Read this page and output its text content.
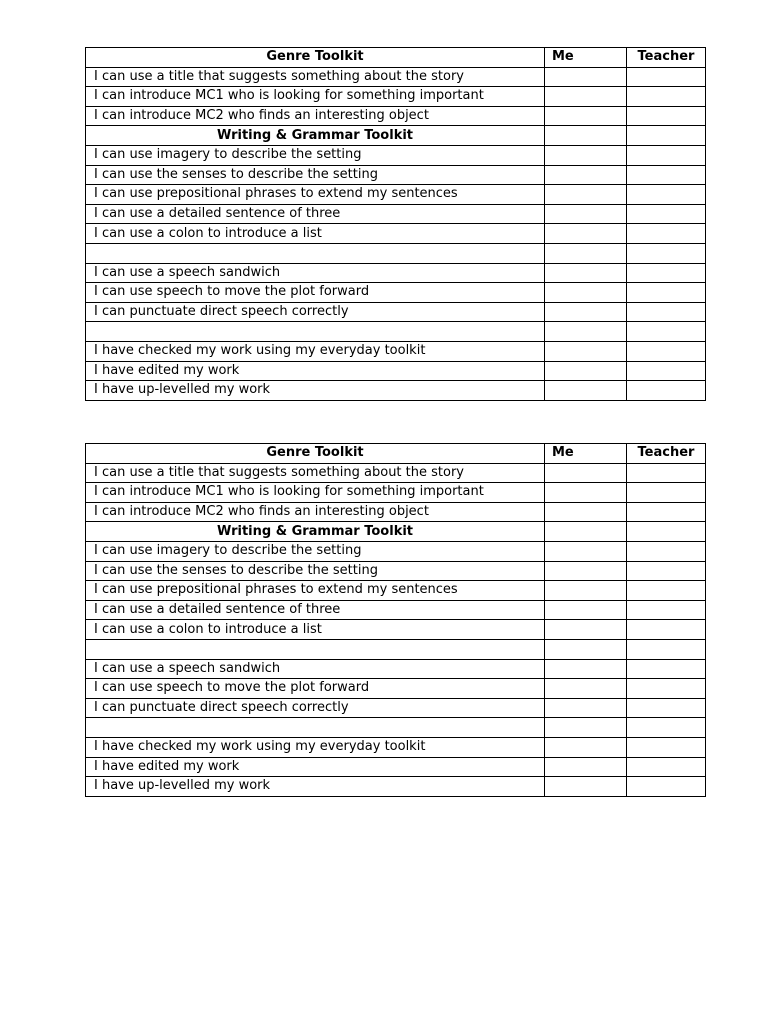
Genre Toolkit	Me	Teacher
I can use a title that suggests something about the story		
I can introduce MC1 who is looking for something important		
I can introduce MC2 who finds an interesting object		
Writing & Grammar Toolkit		
I can use imagery to describe the setting		
I can use the senses to describe the setting		
I can use prepositional phrases to extend my sentences		
I can use a detailed sentence of three		
I can use a colon to introduce a list		

I can use a speech sandwich		
I can use speech to move the plot forward		
I can punctuate direct speech correctly		

I have checked my work using my everyday toolkit		
I have edited my work		
I have up-levelled my work		
Genre Toolkit	Me	Teacher
I can use a title that suggests something about the story		
I can introduce MC1 who is looking for something important		
I can introduce MC2 who finds an interesting object		
Writing & Grammar Toolkit		
I can use imagery to describe the setting		
I can use the senses to describe the setting		
I can use prepositional phrases to extend my sentences		
I can use a detailed sentence of three		
I can use a colon to introduce a list		

I can use a speech sandwich		
I can use speech to move the plot forward		
I can punctuate direct speech correctly		

I have checked my work using my everyday toolkit		
I have edited my work		
I have up-levelled my work		
